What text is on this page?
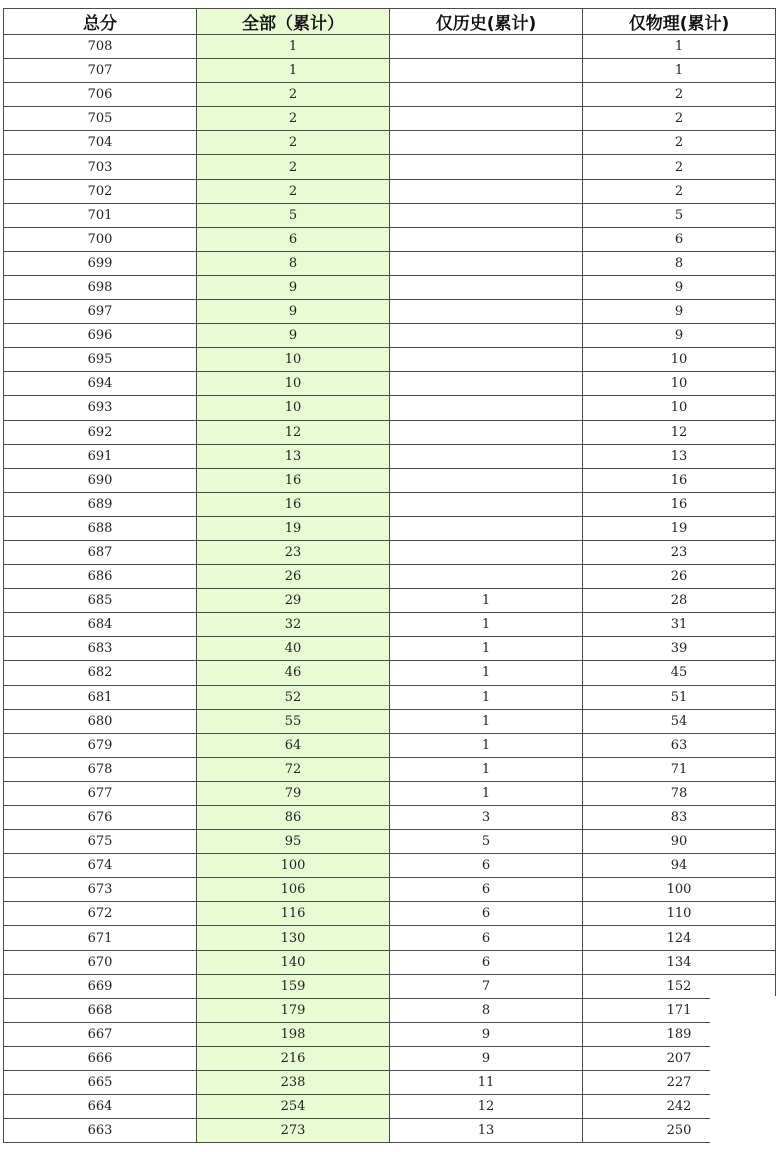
总分	全部（累计）	仅历史(累计)	仅物理(累计)
708	1		1
707	1		1
706	2		2
705	2		2
704	2		2
703	2		2
702	2		2
701	5		5
700	6		6
699	8		8
698	9		9
697	9		9
696	9		9
695	10		10
694	10		10
693	10		10
692	12		12
691	13		13
690	16		16
689	16		16
688	19		19
687	23		23
686	26		26
685	29	1	28
684	32	1	31
683	40	1	39
682	46	1	45
681	52	1	51
680	55	1	54
679	64	1	63
678	72	1	71
677	79	1	78
676	86	3	83
675	95	5	90
674	100	6	94
673	106	6	100
672	116	6	110
671	130	6	124
670	140	6	134
669	159	7	152
668	179	8	171
667	198	9	189
666	216	9	207
665	238	11	227
664	254	12	242
663	273	13	250
